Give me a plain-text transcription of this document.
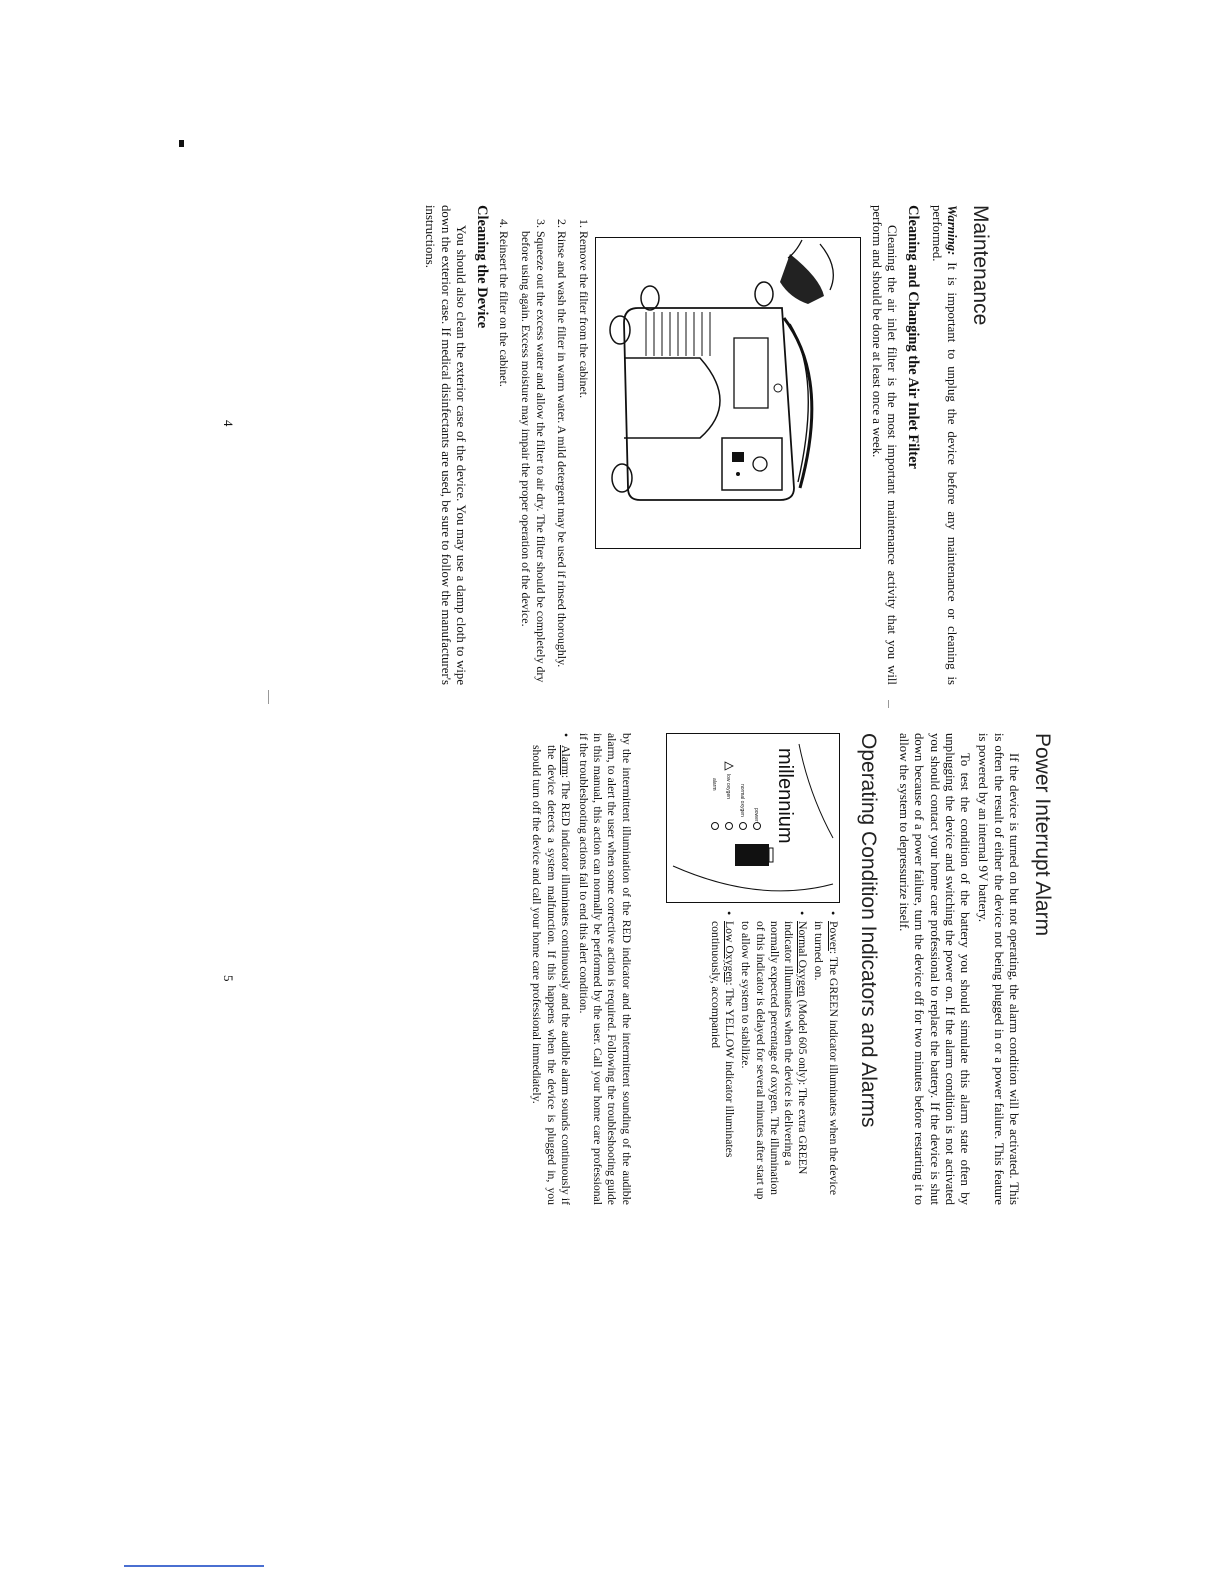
Maintenance

Warning: It is important to unplug the device before any maintenance or cleaning is performed.

Cleaning and Changing the Air Inlet Filter

Cleaning the air inlet filter is the most important maintenance activity that you will perform and should be done at least once a week.

1. Remove the filter from the cabinet.
2. Rinse and wash the filter in warm water. A mild detergent may be used if rinsed thoroughly.
3. Squeeze out the excess water and allow the filter to air dry. The filter should be completely dry before using again. Excess moisture may impair the proper operation of the device.
4. Reinsert the filter on the cabinet.
Cleaning the Device

You should also clean the exterior case of the device. You may use a damp cloth to wipe down the exterior case. If medical disinfectants are used, be sure to follow the manufacturer's instructions.

4
Power Interrupt Alarm

If the device is turned on but not operating, the alarm condition will be activated. This is often the result of either the device not being plugged in or a power failure. This feature is powered by an internal 9V battery.

To test the condition of the battery you should simulate this alarm state often by unplugging the device and switching the power on. If the alarm condition is not activated you should contact your home care professional to replace the battery. If the device is shut down because of a power failure, turn the device off for two minutes before restarting it to allow the system to depressurize itself.

Operating Condition Indicators and Alarms
millennium
power
normal oxygen
low oxygen
alarm
• Power: The GREEN indicator illuminates when the device in turned on.
• Normal Oxygen (Model 605 only): The extra GREEN indicator illuminates when the device is delivering a normally expected percentage of oxygen. The illumination of this indicator is delayed for several minutes after start up to allow the system to stabilize.
• Low Oxygen: The YELLOW indicator illuminates continuously, accompanied

by the intermittent illumination of the RED indicator and the intermittent sounding of the audible alarm, to alert the user when some corrective action is required. Following the troubleshooting guide in this manual, this action can normally be performed by the user. Call your home care professional if the troubleshooting actions fail to end this alert condition.

• Alarm: The RED indicator illuminates continuously and the audible alarm sounds continuously if the device detects a system malfunction. If this happens when the device is plugged in, you should turn off the device and call your home care professional immediately.
5
